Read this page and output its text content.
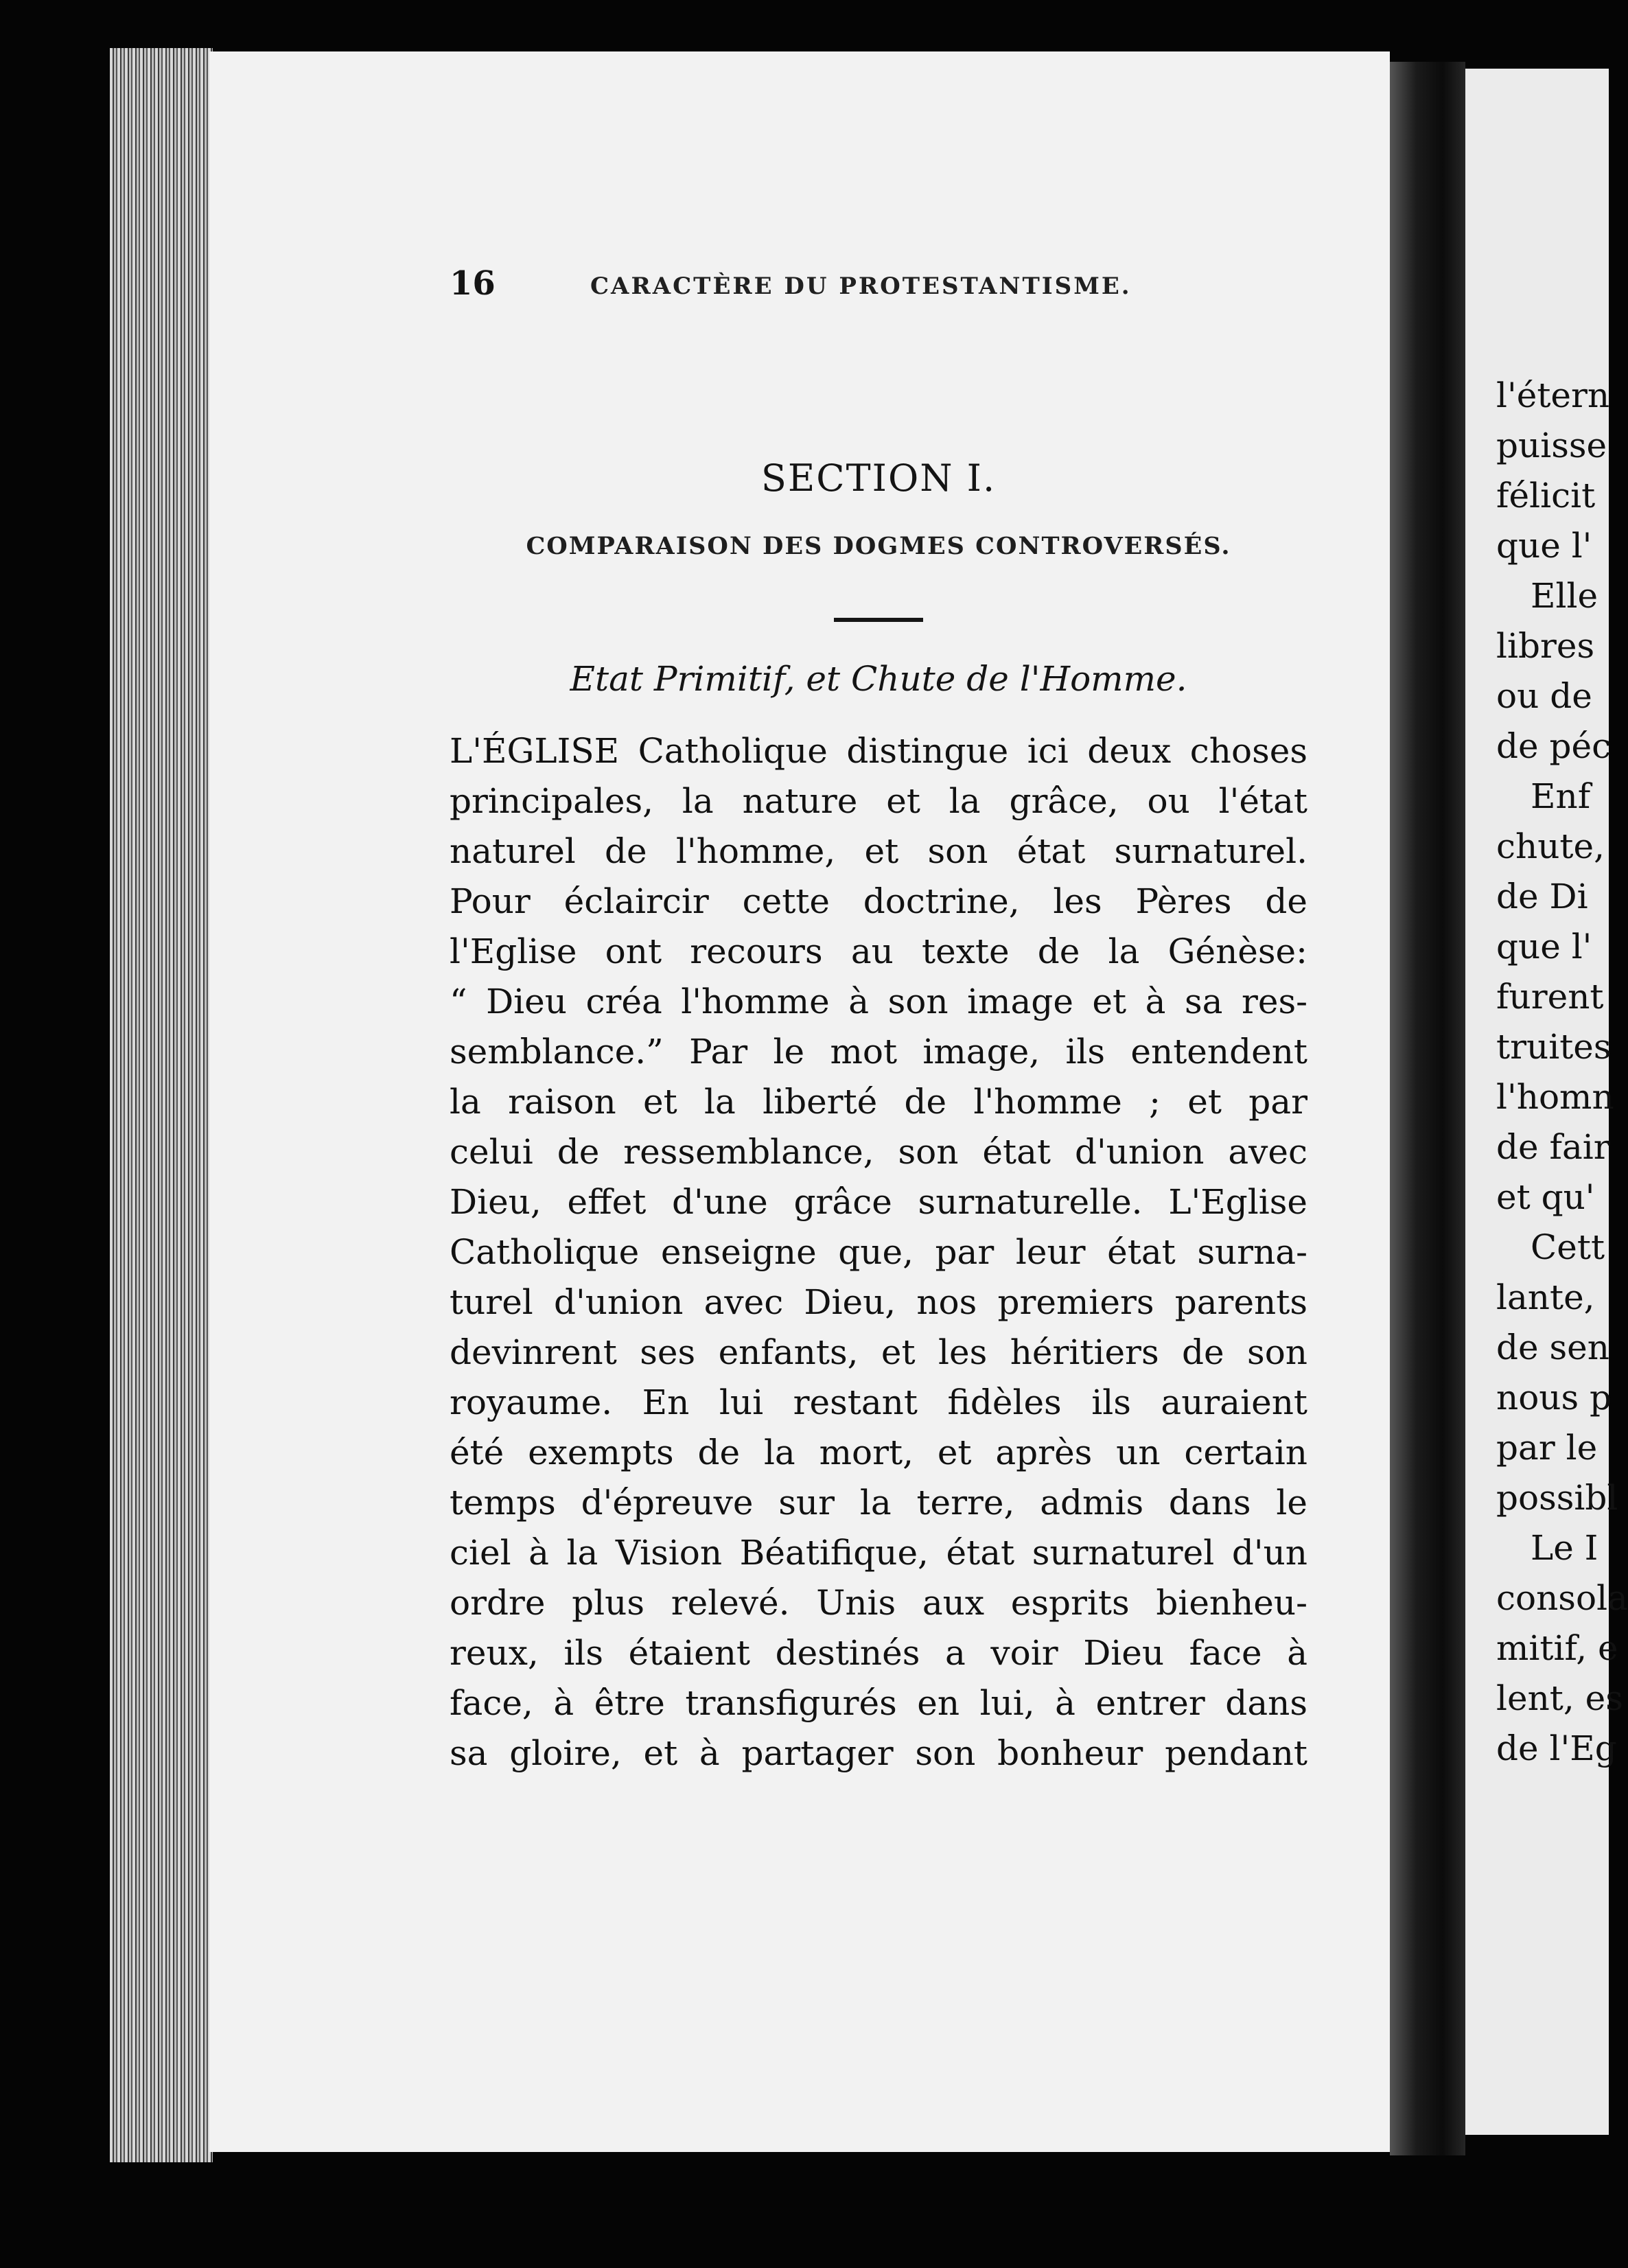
16	CARACTÈRE DU PROTESTANTISME.
SECTION I.
COMPARAISON DES DOGMES CONTROVERSÉS.
Etat Primitif, et Chute de l'Homme.
L'ÉGLISE Catholique distingue ici deux choses
principales, la nature et la grâce, ou l'état
naturel de l'homme, et son état surnaturel.
Pour éclaircir cette doctrine, les Pères de
l'Eglise ont recours au texte de la Génèse:
“ Dieu créa l'homme à son image et à sa res-
semblance.” Par le mot image, ils entendent
la raison et la liberté de l'homme ; et par
celui de ressemblance, son état d'union avec
Dieu, effet d'une grâce surnaturelle. L'Eglise
Catholique enseigne que, par leur état surna-
turel d'union avec Dieu, nos premiers parents
devinrent ses enfants, et les héritiers de son
royaume. En lui restant fidèles ils auraient
été exempts de la mort, et après un certain
temps d'épreuve sur la terre, admis dans le
ciel à la Vision Béatifique, état surnaturel d'un
ordre plus relevé. Unis aux esprits bienheu-
reux, ils étaient destinés a voir Dieu face à
face, à être transfigurés en lui, à entrer dans
sa gloire, et à partager son bonheur pendant
l'étern
puisse
félicit
que l'
Elle
libres
ou de
de péc
Enf
chute,
de Di
que l'
furent
truites
l'homn
de fair
et qu'
Cett
lante,
de sen
nous p
par le
possibl
Le I
consola
mitif, e
lent, es
de l'Eg
